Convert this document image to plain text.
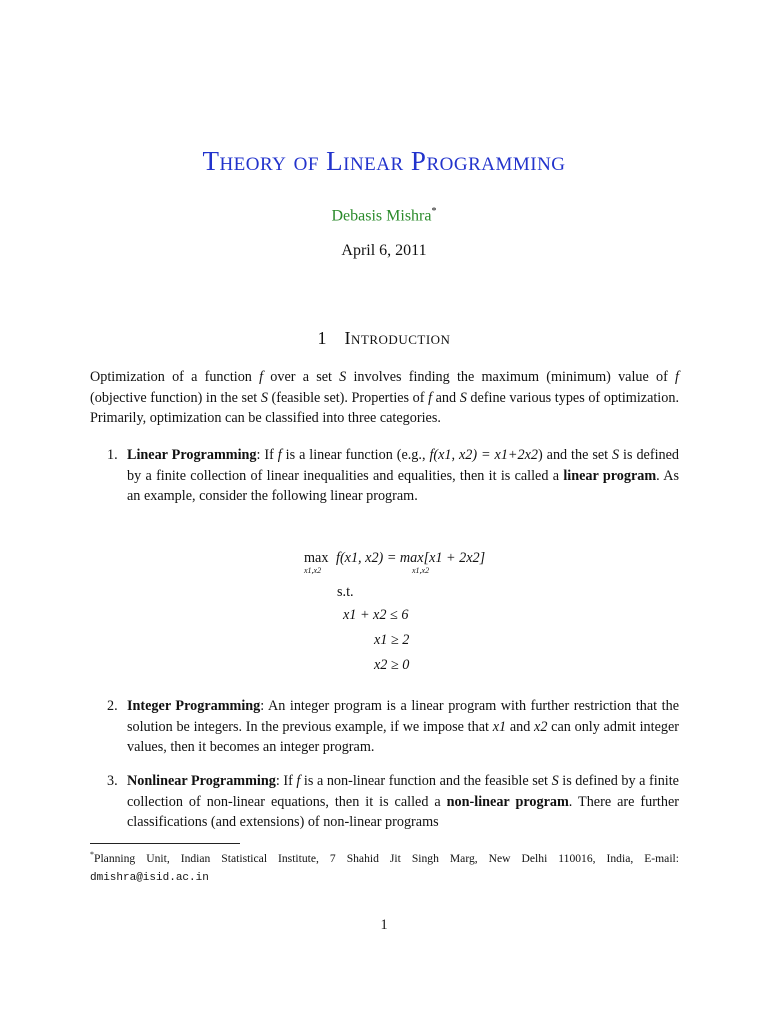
Theory of Linear Programming
Debasis Mishra*
April 6, 2011
1 Introduction
Optimization of a function f over a set S involves finding the maximum (minimum) value of f (objective function) in the set S (feasible set). Properties of f and S define various types of optimization. Primarily, optimization can be classified into three categories.
1. Linear Programming: If f is a linear function (e.g., f(x1, x2) = x1+2x2) and the set S is defined by a finite collection of linear inequalities and equalities, then it is called a linear program. As an example, consider the following linear program.
max
x1,x2
f(x1, x2) = max[x1 + 2x2]
x1,x2
s.t.
x1 + x2 ≤ 6
x1 ≥ 2
x2 ≥ 0
2. Integer Programming: An integer program is a linear program with further restriction that the solution be integers. In the previous example, if we impose that x1 and x2 can only admit integer values, then it becomes an integer program.
3. Nonlinear Programming: If f is a non-linear function and the feasible set S is defined by a finite collection of non-linear equations, then it is called a non-linear program. There are further classifications (and extensions) of non-linear programs
*Planning Unit, Indian Statistical Institute, 7 Shahid Jit Singh Marg, New Delhi 110016, India, E-mail: dmishra@isid.ac.in
1
